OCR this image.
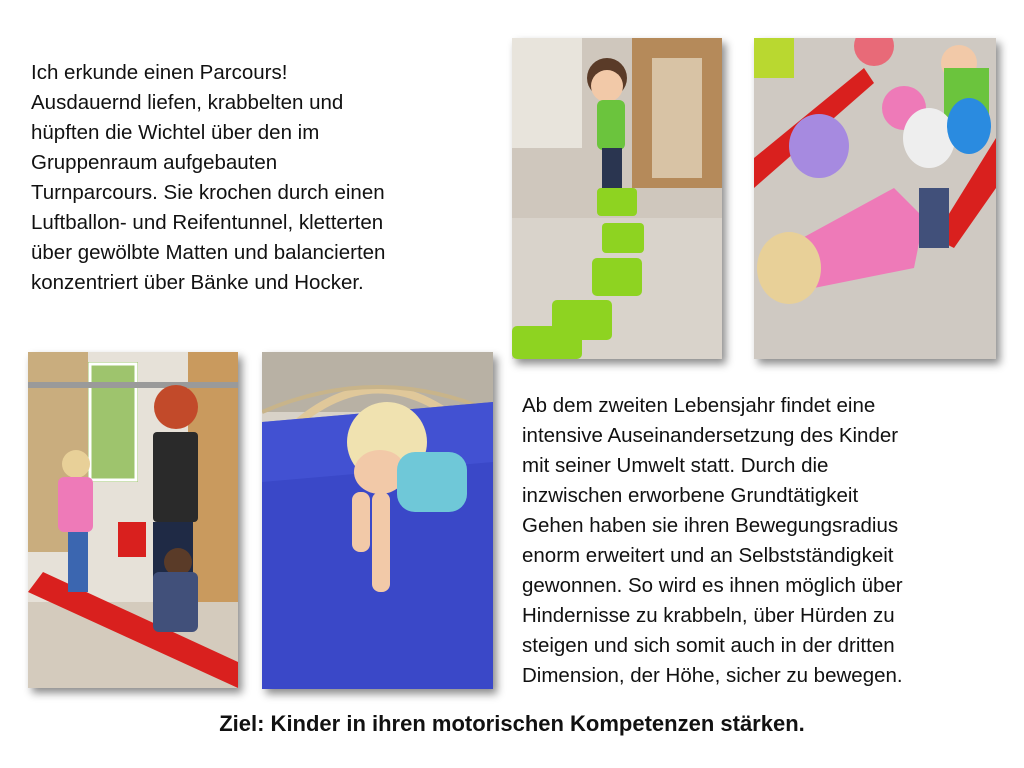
Ich erkunde einen Parcours!
Ausdauernd liefen, krabbelten und
hüpften die Wichtel über den im
Gruppenraum aufgebauten
Turnparcours. Sie krochen durch einen
Luftballon- und Reifentunnel, kletterten
über gewölbte Matten und balancierten
konzentriert über Bänke und Hocker.

Ab dem zweiten Lebensjahr findet eine
intensive Auseinandersetzung des Kinder
mit seiner Umwelt statt. Durch die
inzwischen erworbene Grundtätigkeit
Gehen haben sie ihren Bewegungsradius
enorm erweitert und an Selbstständigkeit
gewonnen. So wird es ihnen möglich über
Hindernisse zu krabbeln, über Hürden zu
steigen und sich somit auch in der dritten
Dimension, der Höhe, sicher zu bewegen.

Ziel: Kinder in ihren motorischen Kompetenzen stärken.
